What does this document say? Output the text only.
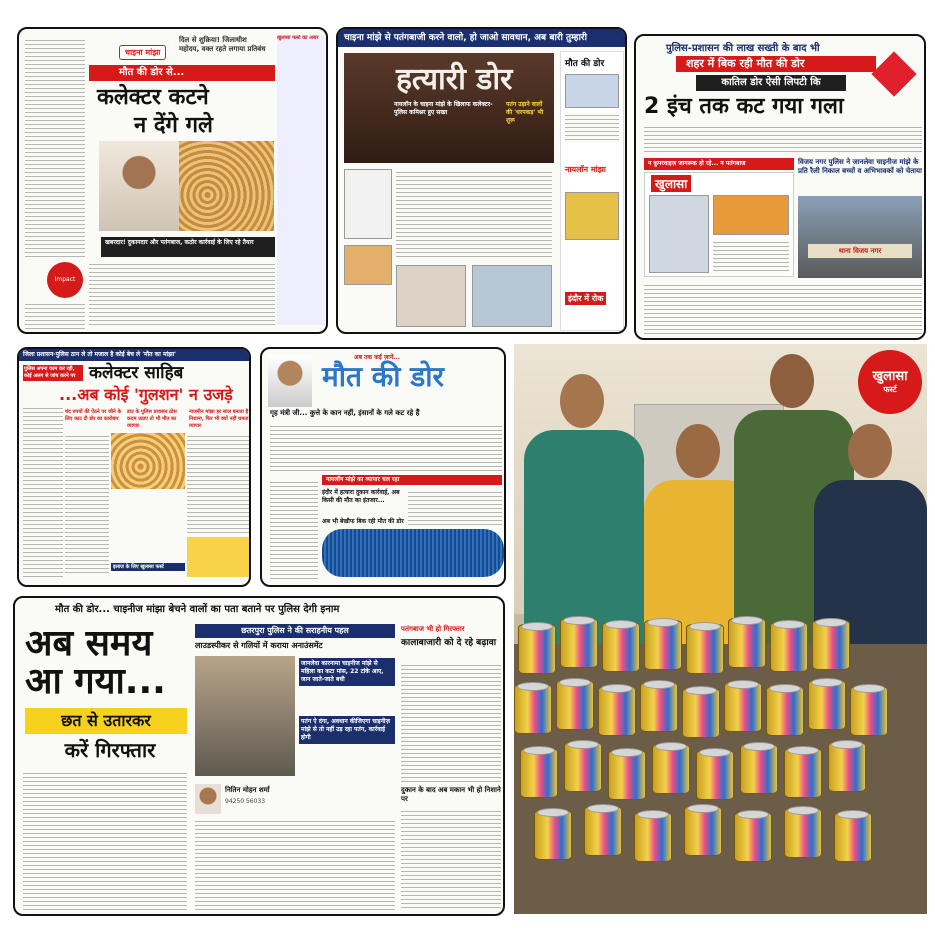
चाइना मांझा
दिल से शुक्रिया! जिलाधीश महोदय, वक्त रहते लगाया प्रतिबंध
खुलासा फर्स्ट का असर
मौत की डोर से...
कलेक्टर कटने
न देंगे गले
खबरदार! दुकानदार और पतंगबाज, कठोर कार्रवाई के लिए रहे तैयार
Impact
चाइना मांझे से पतंगबाजी करने वालो, हो जाओ सावधान, अब बारी तुम्हारी
हत्यारी डोर
नायलॉन के चाइना मांझे के खिलाफ कलेक्टर-पुलिस कमिश्नर हुए सख्त
पतंग उड़ाने वालों की 'धरपकड़' भी शुरू
मौत की डोर
नायलॉन मांझा
इंदौर में रोक
पुलिस-प्रशासन की लाख सख्ती के बाद भी
शहर में बिक रही मौत की डोर
कातिल डोर ऐसी लिपटी कि
2 इंच तक कट गया गला
न कुपरवाइज़ जागरूक हो रहे... न पतंगबाज
खुलासा
विजय नगर पुलिस ने जानलेवा चाइनीज मांझे के प्रति रैली निकाल बच्चों व अभिभावकों को चेताया
थाना विजय नगर
जिला प्रशासन-पुलिस ठान ले तो मजाल है कोई बेच ले 'मौत का मांझा'
पुलिस अपना काम कर रही, कोई अलग से जांच करने पर कलेक्टर साहिब
...अब कोई 'गुलशन' न उजड़े
चंद रुपयों की ऐंठने पर जीने के लिए काट दी डोर का कारोबार
डाउ के पुलिस प्रशासन ठोस कदम उठाए तो भी मौत का व्यापार
नाजनीन मांझा हर साल बनाता है निशाना, फिर भी क्यों नहीं थमता व्यापार
इलाज के लिए खुलासा फर्स्ट
अब तक कईं ज़ानें...
मौत की डोर
गृह मंत्री जी... कुत्ते के कान नहीं, इंसानों के गले कट रहे हैं
नायलॉन मांझे का व्यापार चल रहा
इंदौर में हत्यारा दुकान कार्रवाई, अब किसी की मौत का इंतजार...
अब भी बेखौफ बिक रही मौत की डोर
खुलासा
फर्स्ट
मौत की डोर... चाइनीज मांझा बेचने वालों का पता बताने पर पुलिस देगी इनाम
अब समय
आ गया...
छत से उतारकर
करें गिरफ्तार
छतरपुरा पुलिस ने की सराहनीय पहल
लाउडस्पीकर से गलियों में कराया अनाउंसमेंट
जानलेवा कारनामा चाइनीज मांझे से महिला का कटा मांस, 22 टांके आए, जान जाते-जाते बची
पतंग ऐ दंगा, अवधान कीजिएगा चाइनीज़ मांझे से तो नहीं उड़ रहा पतंग, कार्रवाई होगी
नितिन मोहन शर्मा
94250 56033
पतंगबाज भी हो गिरफ्तार
कालाबाजारी को दे रहे बढ़ावा
दुकान के बाद अब मकान भी हो निशाने पर
